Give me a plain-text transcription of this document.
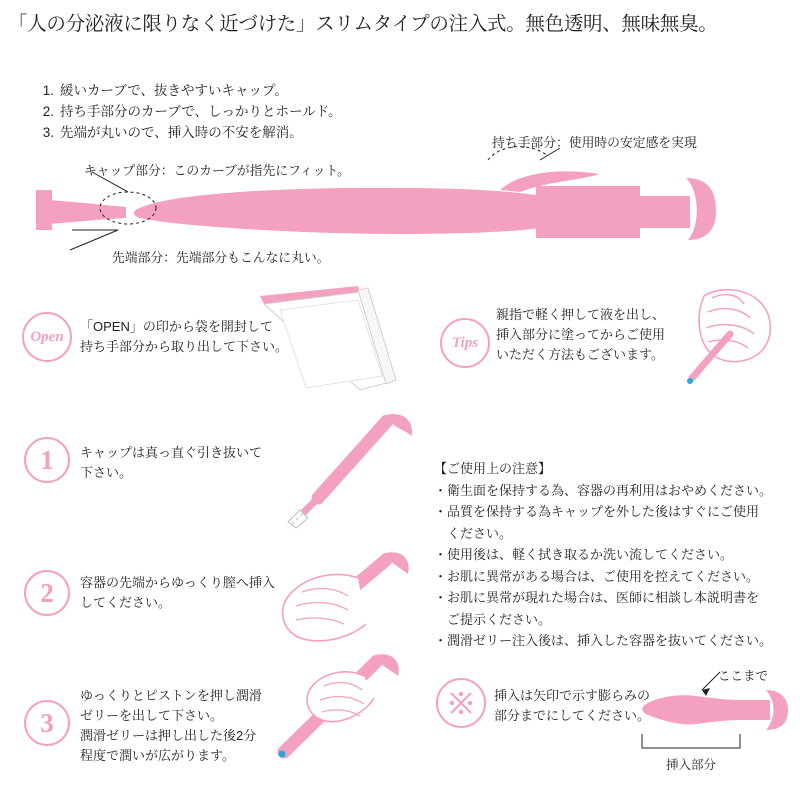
「人の分泌液に限りなく近づけた」スリムタイプの注入式。無色透明、無味無臭。
1. 緩いカーブで、抜きやすいキャップ。
2. 持ち手部分のカーブで、しっかりとホールド。
3. 先端が丸いので、挿入時の不安を解消。
キャップ部分：このカーブが指先にフィット。
先端部分：先端部分もこんなに丸い。
持ち手部分：使用時の安定感を実現
Open
「OPEN」の印から袋を開封して
持ち手部分から取り出して下さい。	Tips
親指で軽く押して液を出し、
挿入部分に塗ってからご使用
いただく方法もございます。
1	キャップは真っ直ぐ引き抜いて
下さい。
2	容器の先端からゆっくり膣へ挿入
してください。
3
ゆっくりとピストンを押し潤滑
ゼリーを出して下さい。
潤滑ゼリーは押し出した後2分
程度で潤いが広がります。
【ご使用上の注意】
・衛生面を保持する為、容器の再利用はおやめください。
・品質を保持する為キャップを外した後はすぐにご使用
　ください。
・使用後は、軽く拭き取るか洗い流してください。
・お肌に異常がある場合は、ご使用を控えてください。
・お肌に異常が現れた場合は、医師に相談し本説明書を
　ご提示ください。
・潤滑ゼリー注入後は、挿入した容器を抜いてください。
挿入は矢印で示す膨らみの
部分までにしてください。
ここまで
挿入部分
